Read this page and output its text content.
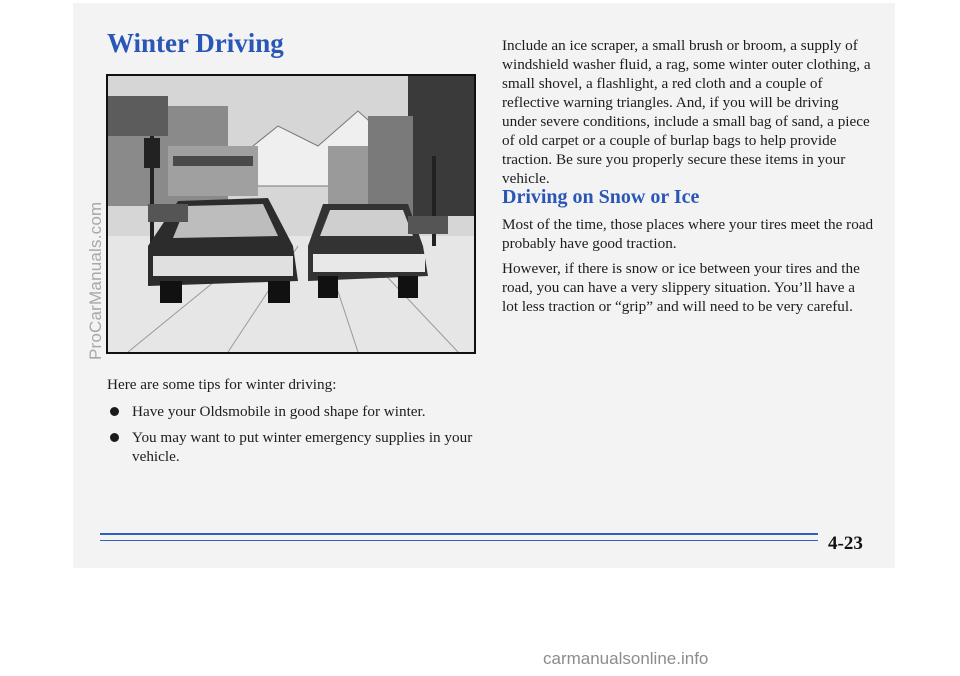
Winter Driving

Here are some tips for winter driving:

Have your Oldsmobile in good shape for winter.
You may want to put winter emergency supplies in your vehicle.

Include an ice scraper, a small brush or broom, a supply of windshield washer fluid, a rag, some winter outer clothing, a small shovel, a flashlight, a red cloth and a couple of reflective warning triangles. And, if you will be driving under severe conditions, include a small bag of sand, a piece of old carpet or a couple of burlap bags to help provide traction. Be sure you properly secure these items in your vehicle.

Driving on Snow or Ice

Most of the time, those places where your tires meet the road probably have good traction.

However, if there is snow or ice between your tires and the road, you can have a very slippery situation. You’ll have a lot less traction or “grip” and will need to be very careful.

4-23
ProCarManuals.com
carmanualsonline.info
